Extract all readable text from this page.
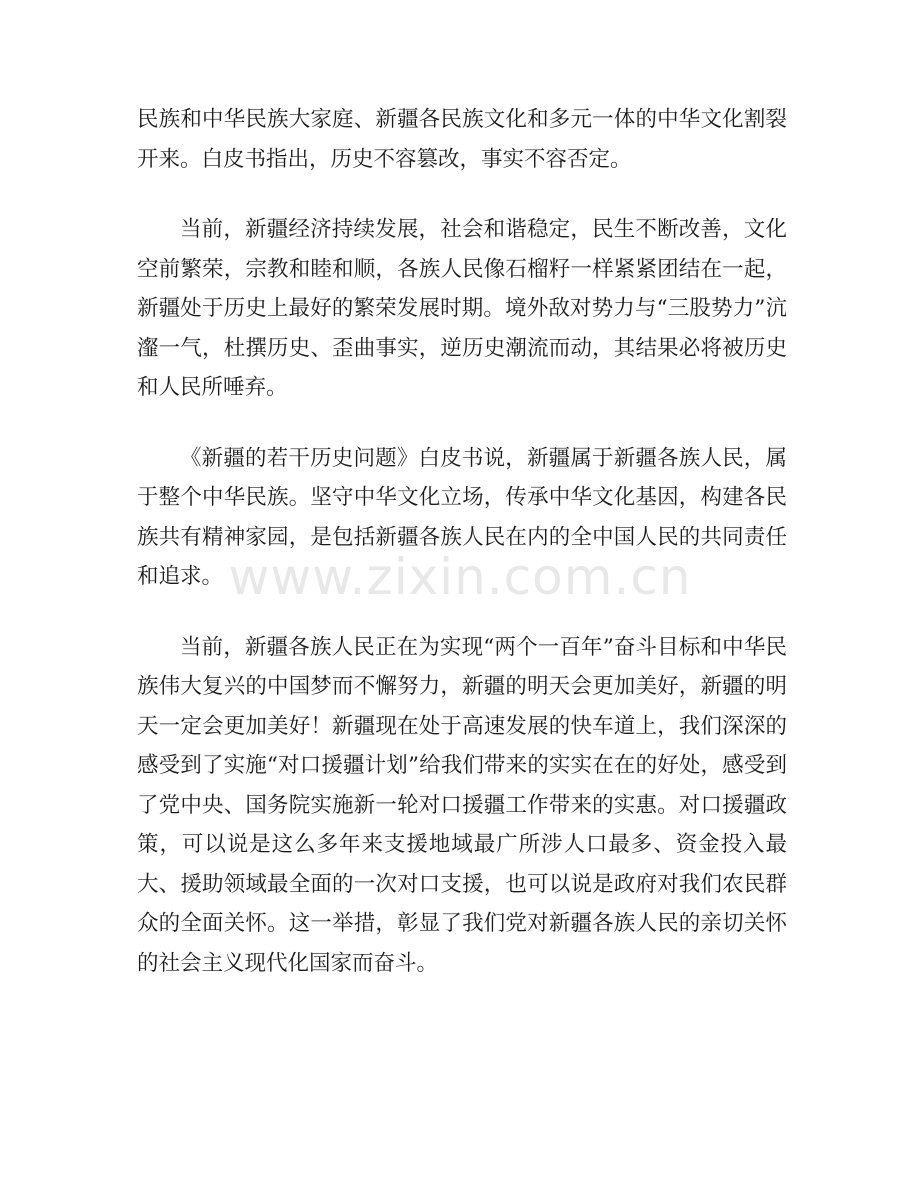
民族和中华民族大家庭、新疆各民族文化和多元一体的中华文化割裂开来。白皮书指出，历史不容篡改，事实不容否定。

当前，新疆经济持续发展，社会和谐稳定，民生不断改善，文化空前繁荣，宗教和睦和顺，各族人民像石榴籽一样紧紧团结在一起，新疆处于历史上最好的繁荣发展时期。境外敌对势力与“三股势力”沆瀣一气，杜撰历史、歪曲事实，逆历史潮流而动，其结果必将被历史和人民所唾弃。

《新疆的若干历史问题》白皮书说，新疆属于新疆各族人民，属于整个中华民族。坚守中华文化立场，传承中华文化基因，构建各民族共有精神家园，是包括新疆各族人民在内的全中国人民的共同责任和追求。

当前，新疆各族人民正在为实现“两个一百年”奋斗目标和中华民族伟大复兴的中国梦而不懈努力，新疆的明天会更加美好，新疆的明天一定会更加美好！新疆现在处于高速发展的快车道上，我们深深的感受到了实施“对口援疆计划”给我们带来的实实在在的好处，感受到了党中央、国务院实施新一轮对口援疆工作带来的实惠。对口援疆政策，可以说是这么多年来支援地域最广所涉人口最多、资金投入最大、援助领域最全面的一次对口支援，也可以说是政府对我们农民群众的全面关怀。这一举措，彰显了我们党对新疆各族人民的亲切关怀的社会主义现代化国家而奋斗。

www.zixin.com.cn
